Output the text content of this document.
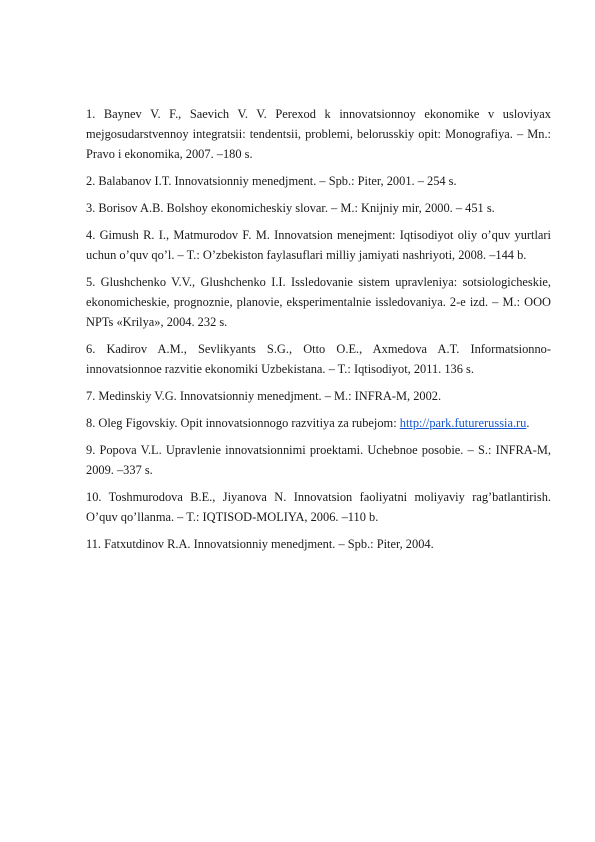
1. Baynev V. F., Saevich V. V. Perexod k innovatsionnoy ekonomike v usloviyax mejgosudarstvennoy integratsii: tendentsii, problemi, belorusskiy opit: Monografiya. – Mn.: Pravo i ekonomika, 2007. –180 s.

2. Balabanov I.T. Innovatsionniy menedjment. – Spb.: Piter, 2001. – 254 s.

3. Borisov A.B. Bolshoy ekonomicheskiy slovar. – M.: Knijniy mir, 2000. – 451 s.

4. Gimush R. I., Matmurodov F. M. Innovatsion menejment: Iqtisodiyot oliy o’quv yurtlari uchun o’quv qo’l. – T.: O’zbekiston faylasuflari milliy jamiyati nashriyoti, 2008. –144 b.

5. Glushchenko V.V., Glushchenko I.I. Issledovanie sistem upravleniya: sotsiologicheskie, ekonomicheskie, prognoznie, planovie, eksperimentalnie issledovaniya. 2-e izd. – M.: OOO NPTs «Krilya», 2004. 232 s.

6. Kadirov A.M., Sevlikyants S.G., Otto O.E., Axmedova A.T. Informatsionno-innovatsionnoe razvitie ekonomiki Uzbekistana. – T.: Iqtisodiyot, 2011. 136 s.

7. Medinskiy V.G. Innovatsionniy menedjment. – M.: INFRA-M, 2002.

8. Oleg Figovskiy. Opit innovatsionnogo razvitiya za rubejom: http://park.futurerussia.ru.

9. Popova V.L. Upravlenie innovatsionnimi proektami. Uchebnoe posobie. – S.: INFRA-M, 2009. –337 s.

10. Toshmurodova B.E., Jiyanova N. Innovatsion faoliyatni moliyaviy rag’batlantirish. O’quv qo’llanma. – T.: IQTISOD-MOLIYA, 2006. –110 b.

11. Fatxutdinov R.A. Innovatsionniy menedjment. – Spb.: Piter, 2004.
